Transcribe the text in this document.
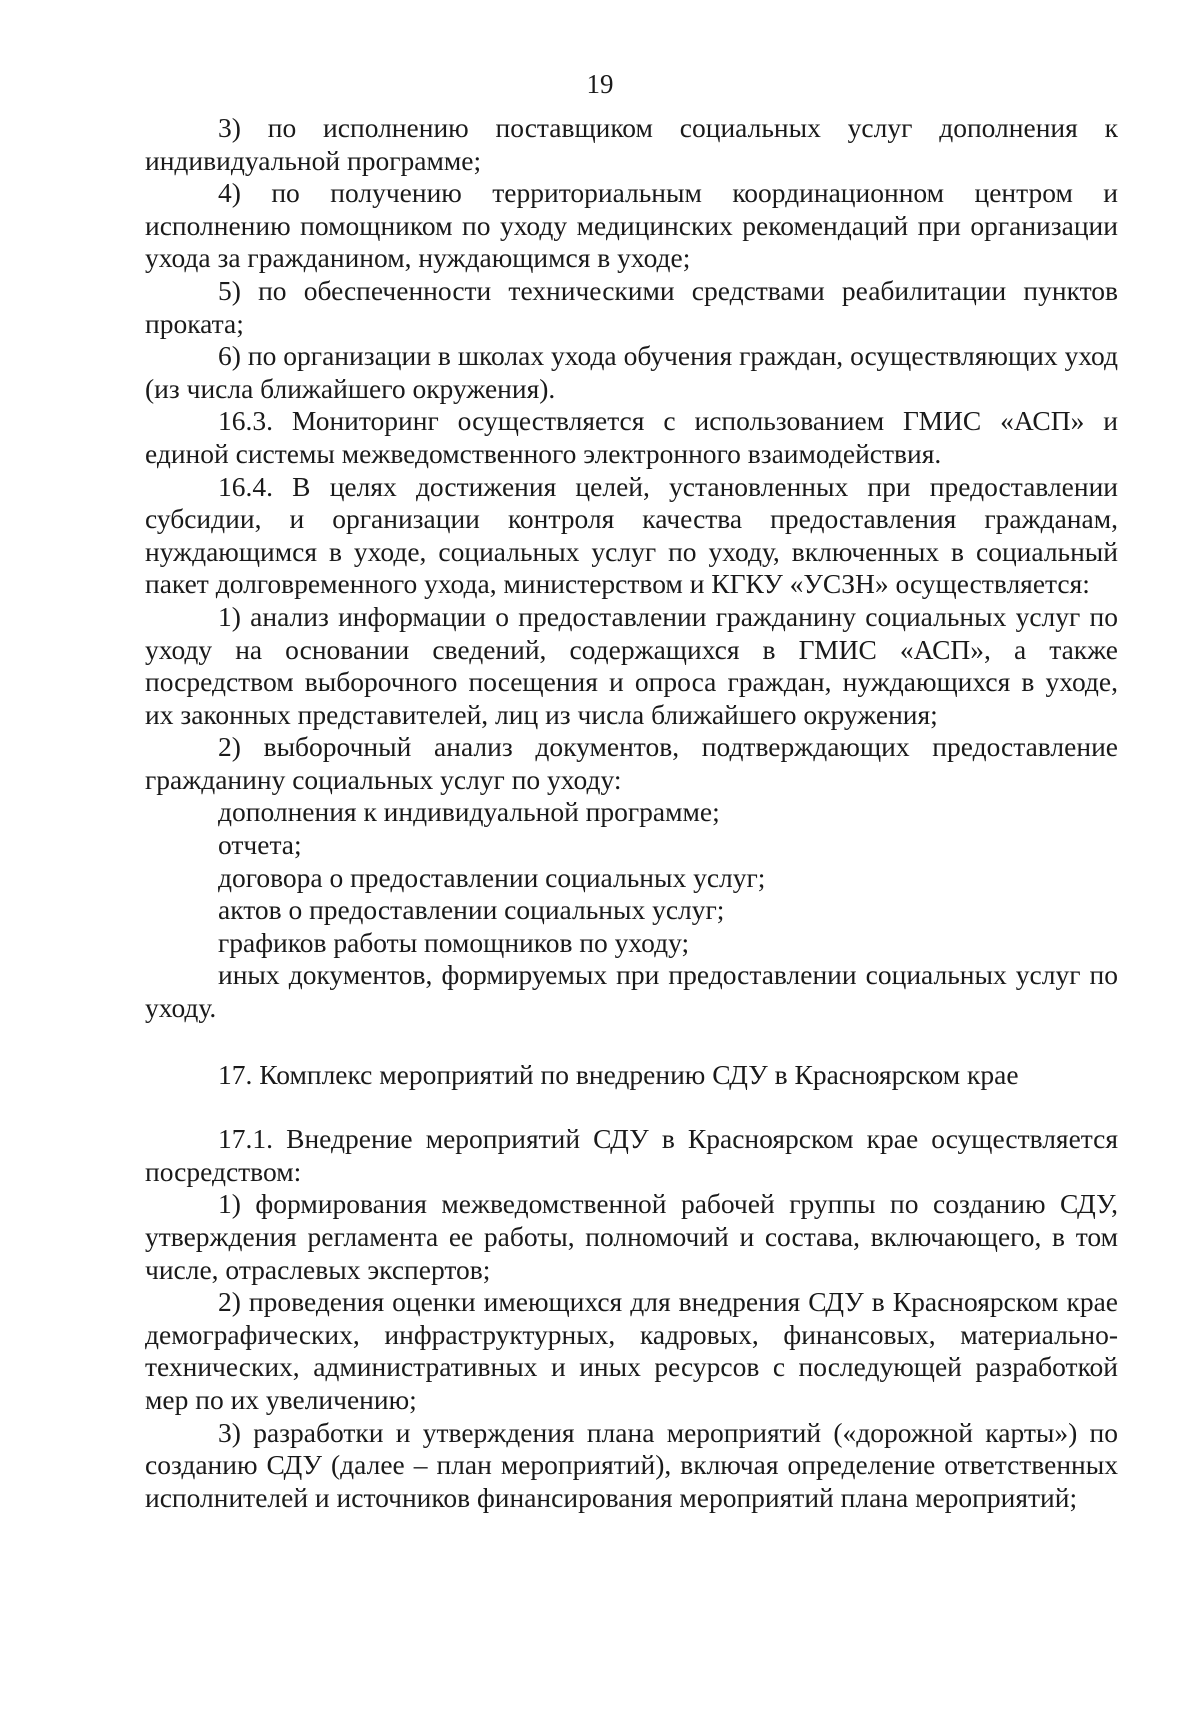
19

3) по исполнению поставщиком социальных услуг дополнения к индивидуальной программе;

4) по получению территориальным координационном центром и исполнению помощником по уходу медицинских рекомендаций при организации ухода за гражданином, нуждающимся в уходе;

5) по обеспеченности техническими средствами реабилитации пунктов проката;

6) по организации в школах ухода обучения граждан, осуществляющих уход (из числа ближайшего окружения).

16.3. Мониторинг осуществляется с использованием ГМИС «АСП» и единой системы межведомственного электронного взаимодействия.

16.4. В целях достижения целей, установленных при предоставлении субсидии, и организации контроля качества предоставления гражданам, нуждающимся в уходе, социальных услуг по уходу, включенных в социальный пакет долговременного ухода, министерством и КГКУ «УСЗН» осуществляется:

1) анализ информации о предоставлении гражданину социальных услуг по уходу на основании сведений, содержащихся в ГМИС «АСП», а также посредством выборочного посещения и опроса граждан, нуждающихся в уходе, их законных представителей, лиц из числа ближайшего окружения;

2) выборочный анализ документов, подтверждающих предоставление гражданину социальных услуг по уходу:

дополнения к индивидуальной программе;

отчета;

договора о предоставлении социальных услуг;

актов о предоставлении социальных услуг;

графиков работы помощников по уходу;

иных документов, формируемых при предоставлении социальных услуг по уходу.

17. Комплекс мероприятий по внедрению СДУ в Красноярском крае

17.1. Внедрение мероприятий СДУ в Красноярском крае осуществляется посредством:

1) формирования межведомственной рабочей группы по созданию СДУ, утверждения регламента ее работы, полномочий и состава, включающего, в том числе, отраслевых экспертов;

2) проведения оценки имеющихся для внедрения СДУ в Красноярском крае демографических, инфраструктурных, кадровых, финансовых, материально-технических, административных и иных ресурсов с последующей разработкой мер по их увеличению;

3) разработки и утверждения плана мероприятий («дорожной карты») по созданию СДУ (далее – план мероприятий), включая определение ответственных исполнителей и источников финансирования мероприятий плана мероприятий;
